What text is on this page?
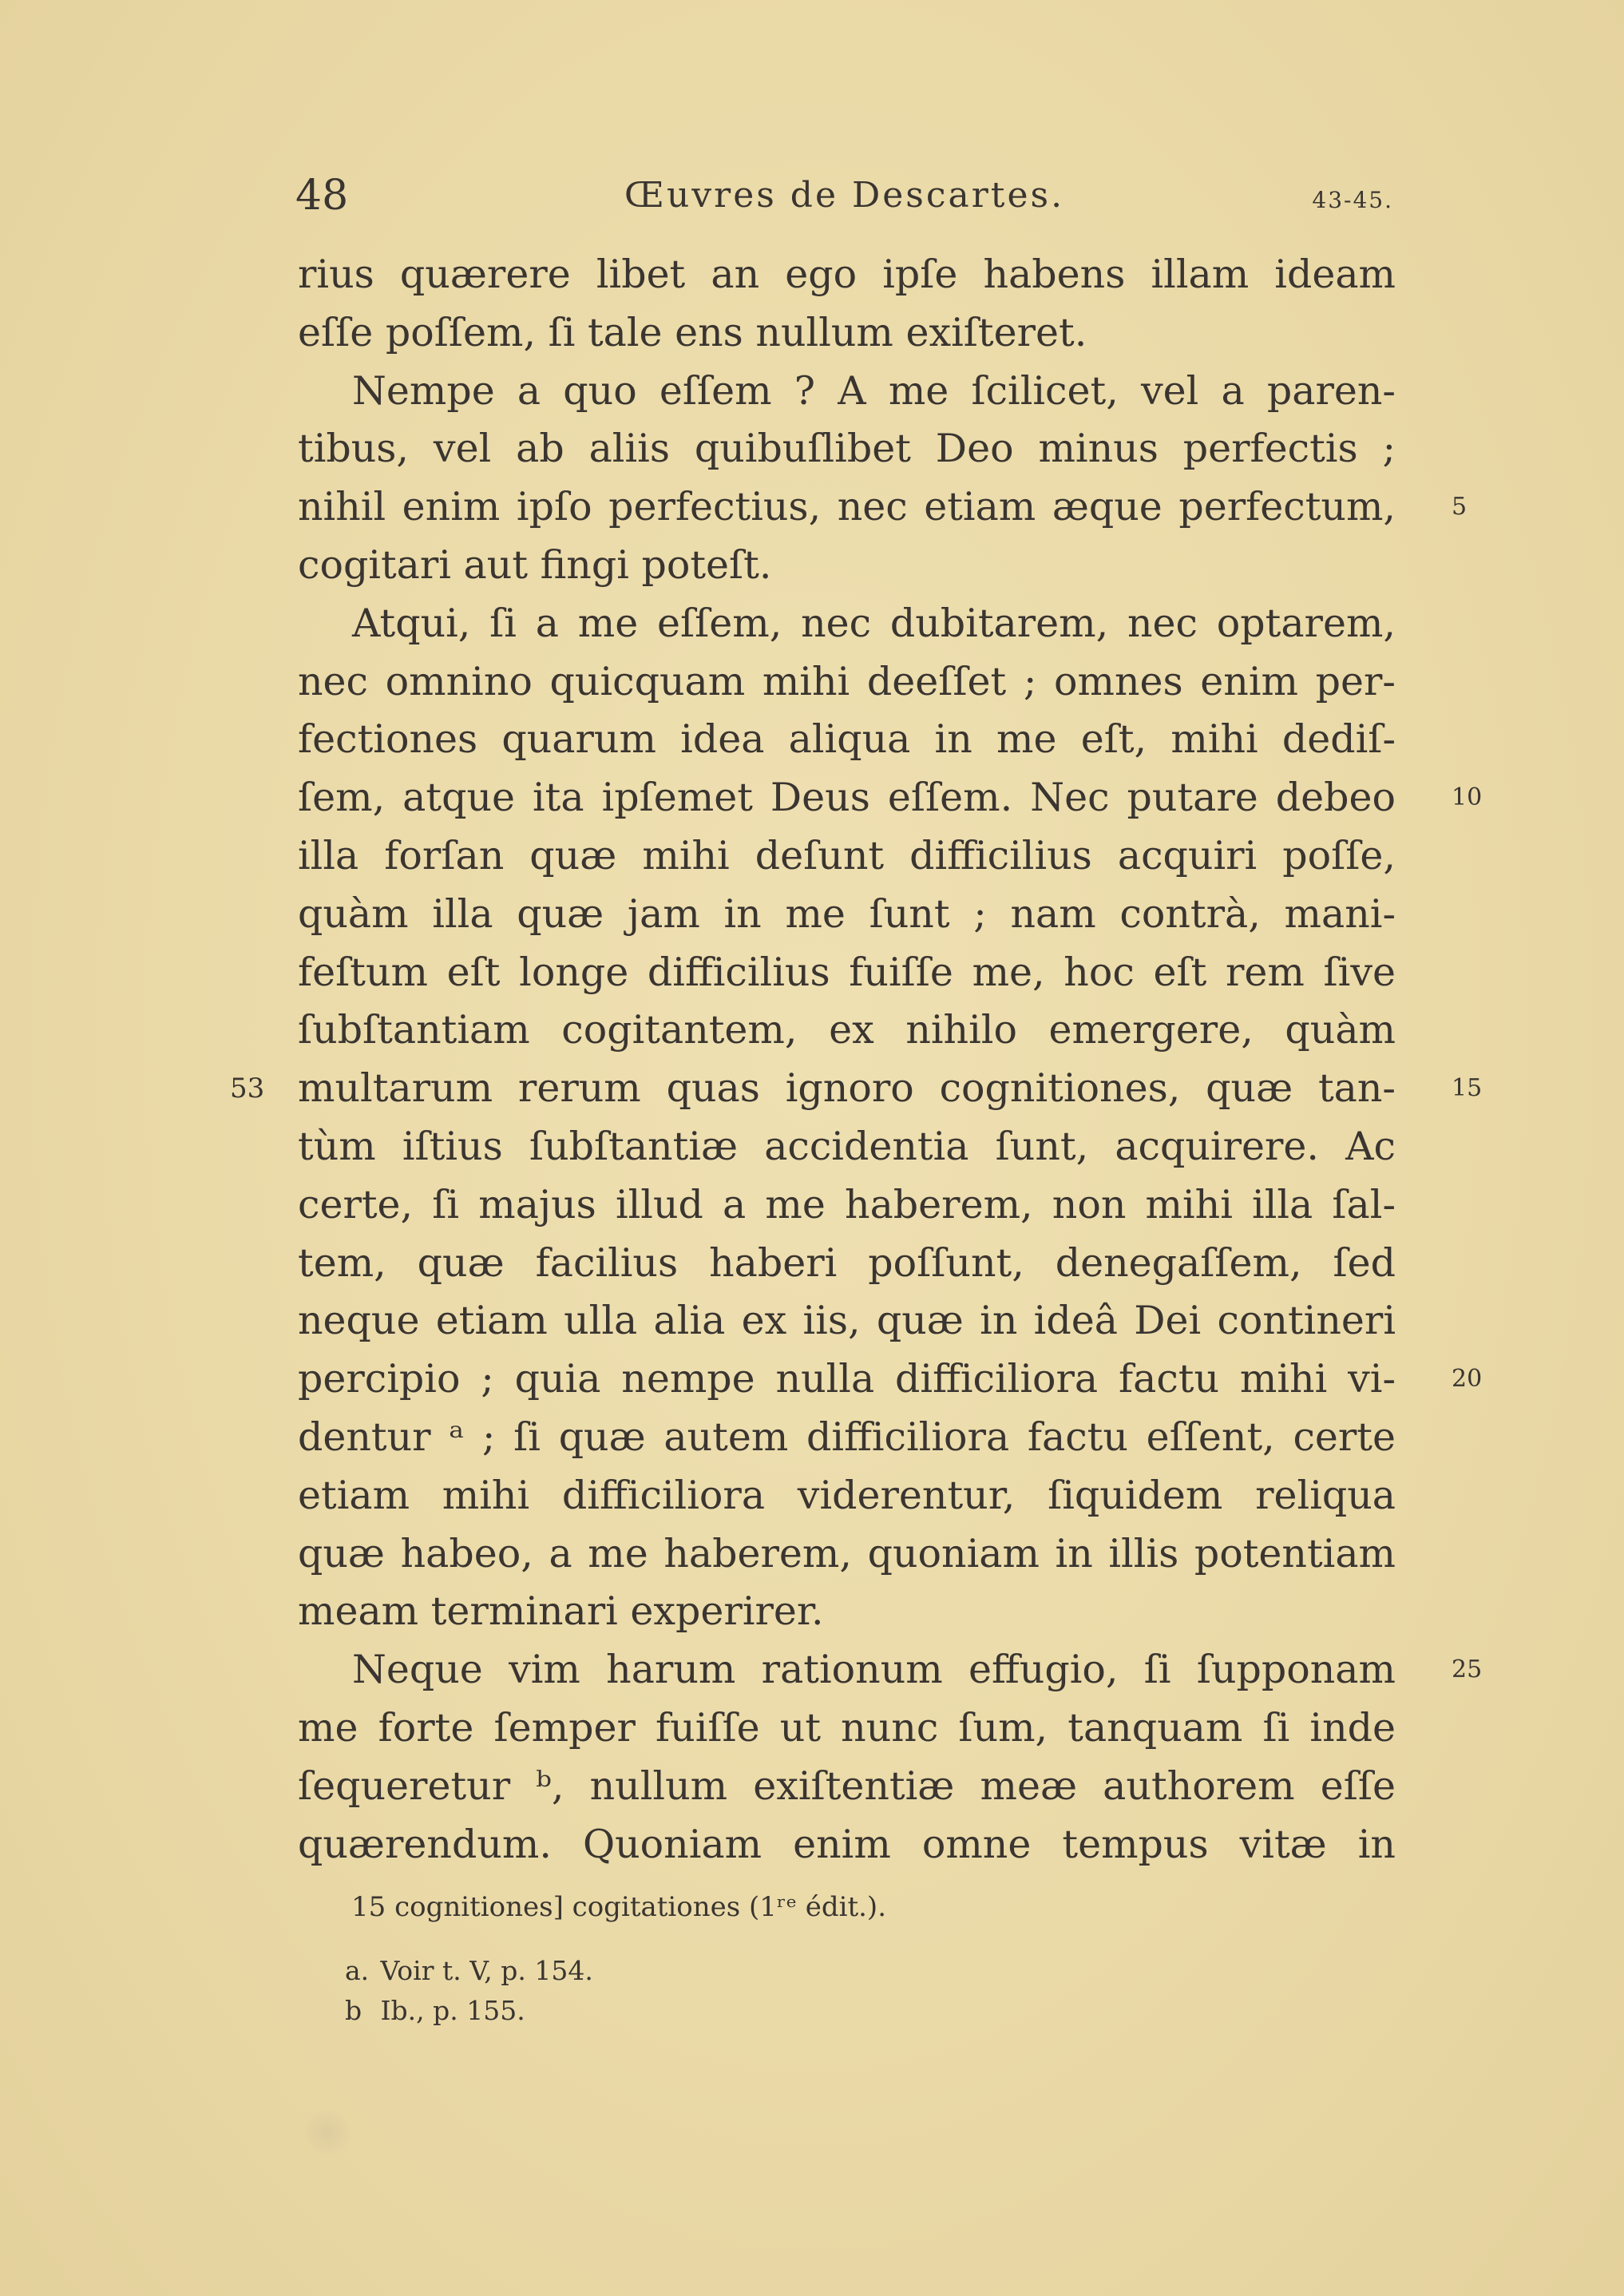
48	Œuvres de Descartes.	43-45.
rius quærere libet an ego ipſe habens illam ideam
eſſe poſſem, ſi tale ens nullum exiſteret.
Nempe a quo eſſem ? A me ſcilicet, vel a paren-
tibus, vel ab aliis quibuſlibet Deo minus perfectis ;
nihil enim ipſo perfectius, nec etiam æque perfectum, 5
cogitari aut fingi poteſt.
Atqui, ſi a me eſſem, nec dubitarem, nec optarem,
nec omnino quicquam mihi deeſſet ; omnes enim per-
fectiones quarum idea aliqua in me eſt, mihi dediſ-
ſem, atque ita ipſemet Deus eſſem. Nec putare debeo 10
illa forſan quæ mihi deſunt difficilius acquiri poſſe,
quàm illa quæ jam in me ſunt ; nam contrà, mani-
feſtum eſt longe difficilius fuiſſe me, hoc eſt rem ſive
ſubſtantiam cogitantem, ex nihilo emergere, quàm
multarum rerum quas ignoro cognitiones, quæ tan- 15
53
tùm iſtius ſubſtantiæ accidentia ſunt, acquirere. Ac
certe, ſi majus illud a me haberem, non mihi illa ſal-
tem, quæ facilius haberi poſſunt, denegaſſem, ſed
neque etiam ulla alia ex iis, quæ in ideâ Dei contineri
percipio ; quia nempe nulla difficiliora factu mihi vi- 20
dentur ᵃ ; ſi quæ autem difficiliora factu eſſent, certe
etiam mihi difficiliora viderentur, ſiquidem reliqua
quæ habeo, a me haberem, quoniam in illis potentiam
meam terminari experirer.
Neque vim harum rationum effugio, ſi ſupponam 25
me forte ſemper fuiſſe ut nunc ſum, tanquam ſi inde
ſequeretur ᵇ, nullum exiſtentiæ meæ authorem eſſe
quærendum. Quoniam enim omne tempus vitæ in
15 cognitiones] cogitationes (1ʳᵉ édit.).
a. Voir t. V, p. 154.
b Ib., p. 155.
